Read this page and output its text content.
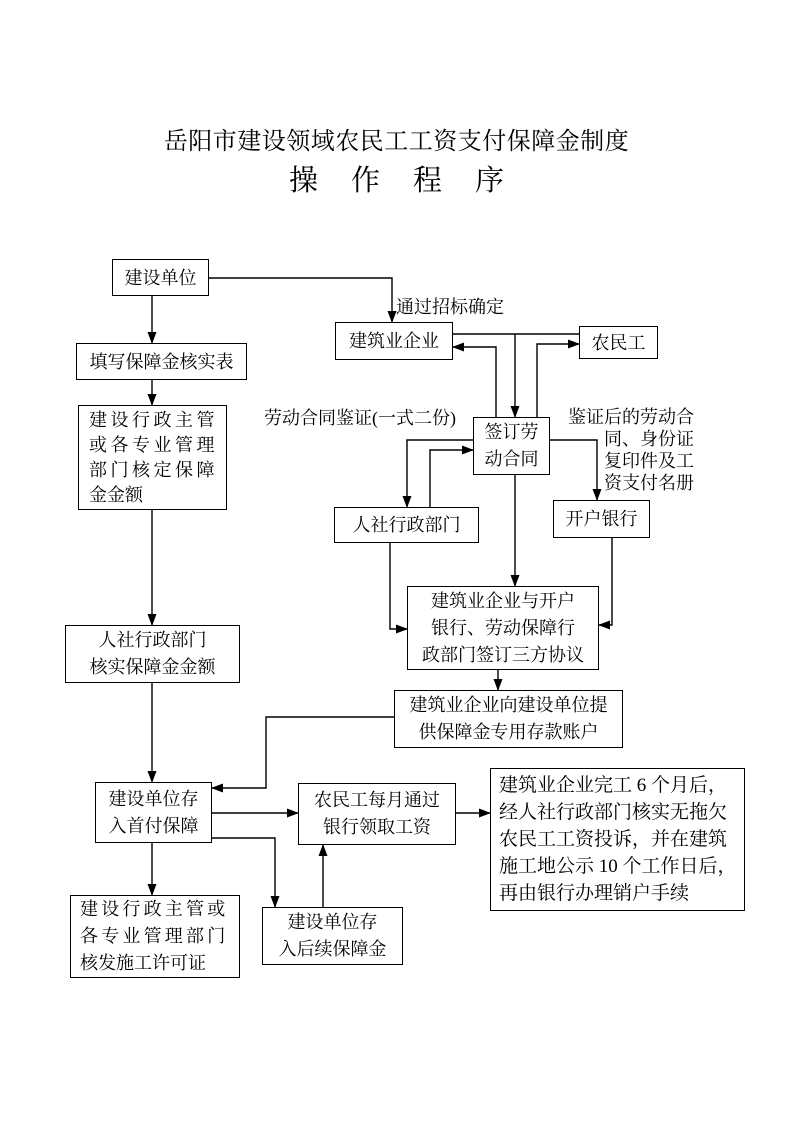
岳阳市建设领域农民工工资支付保障金制度
操作程序
建设单位
填写保障金核实表
建设行政主管
或各专业管理
部门核定保障
金金额
人社行政部门
核实保障金金额
建筑业企业	农民工
签订劳
动合同
人社行政部门	开户银行
建筑业企业与开户
银行、劳动保障行
政部门签订三方协议
建筑业企业向建设单位提
供保障金专用存款账户
建设单位存
入首付保障
农民工每月通过
银行领取工资
建设单位存
入后续保障金
建设行政主管或
各专业管理部门
核发施工许可证
建筑业企业完工 6 个月后，
经人社行政部门核实无拖欠
农民工工资投诉，并在建筑
施工地公示 10 个工作日后，
再由银行办理销户手续
通过招标确定
劳动合同鉴证(一式二份)	鉴证后的劳动合
同、身份证
复印件及工
资支付名册
